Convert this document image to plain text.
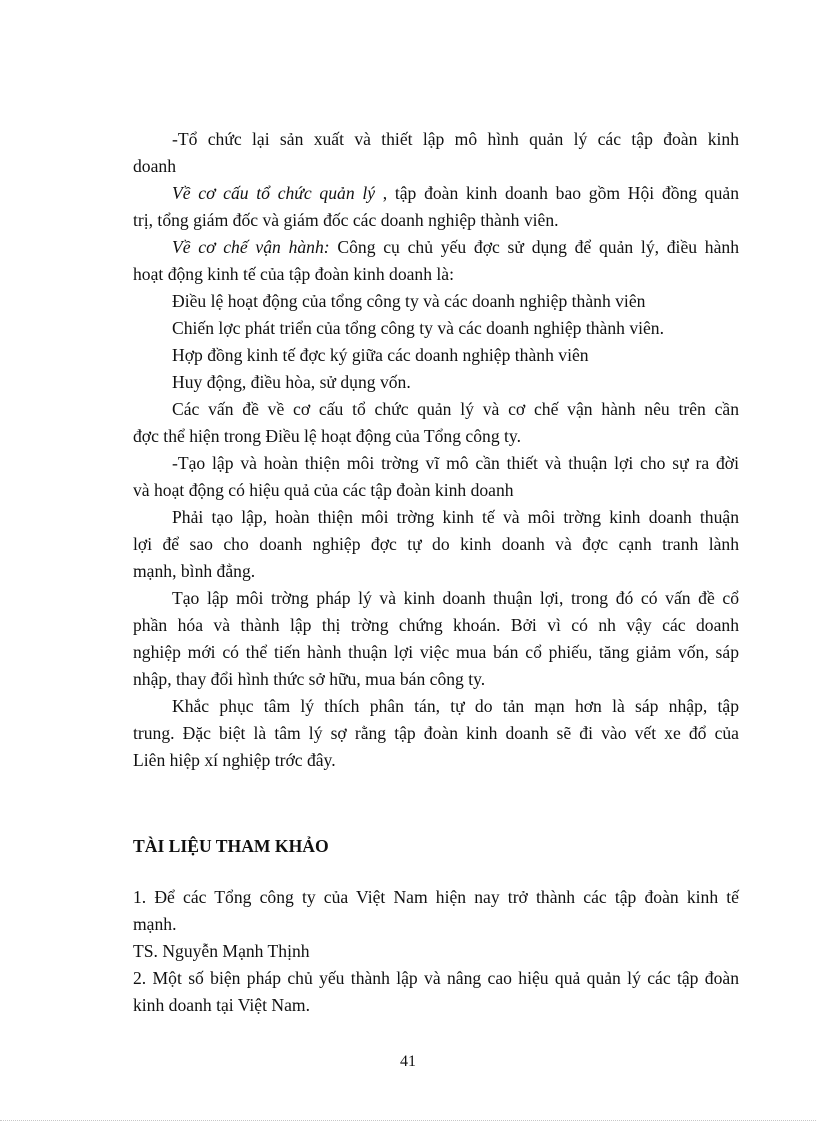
-Tổ chức lại sản xuất và thiết lập mô hình quản lý các tập đoàn kinh
doanh
Về cơ cấu tổ chức quản lý , tập đoàn kinh doanh bao gồm Hội đồng quản
trị, tổng giám đốc và giám đốc các doanh nghiệp thành viên.
Về cơ chế vận hành: Công cụ chủ yếu đợc sử dụng để quản lý, điều hành
hoạt động kinh tế của tập đoàn kinh doanh là:
Điều lệ hoạt động của tổng công ty và các doanh nghiệp thành viên
Chiến lợc phát triển của tổng công ty và các doanh nghiệp thành viên.
Hợp đồng kinh tế đợc ký giữa các doanh nghiệp thành viên
Huy động, điều hòa, sử dụng vốn.
Các vấn đề về cơ cấu tổ chức quản lý và cơ chế vận hành nêu trên cần
đợc thể hiện trong Điều lệ hoạt động của Tổng công ty.
-Tạo lập và hoàn thiện môi trờng vĩ mô cần thiết và thuận lợi cho sự ra đời
và hoạt động có hiệu quả của các tập đoàn kinh doanh
Phải tạo lập, hoàn thiện môi trờng kinh tế và môi trờng kinh doanh thuận
lợi để sao cho doanh nghiệp đợc tự do kinh doanh và đợc cạnh tranh lành
mạnh, bình đẳng.
Tạo lập môi trờng pháp lý và kinh doanh thuận lợi, trong đó có vấn đề cổ
phần hóa và thành lập thị trờng chứng khoán. Bởi vì có nh vậy các doanh
nghiệp mới có thể tiến hành thuận lợi việc mua bán cổ phiếu, tăng giảm vốn, sáp
nhập, thay đổi hình thức sở hữu, mua bán công ty.
Khắc phục tâm lý thích phân tán, tự do tản mạn hơn là sáp nhập, tập
trung. Đặc biệt là tâm lý sợ rằng tập đoàn kinh doanh sẽ đi vào vết xe đổ của
Liên hiệp xí nghiệp trớc đây.
TÀI LIỆU THAM KHẢO
1. Để các Tổng công ty của Việt Nam hiện nay trở thành các tập đoàn kinh tế
mạnh.
TS. Nguyễn Mạnh Thịnh
2. Một số biện pháp chủ yếu thành lập và nâng cao hiệu quả quản lý các tập đoàn
kinh doanh tại Việt Nam.
41
